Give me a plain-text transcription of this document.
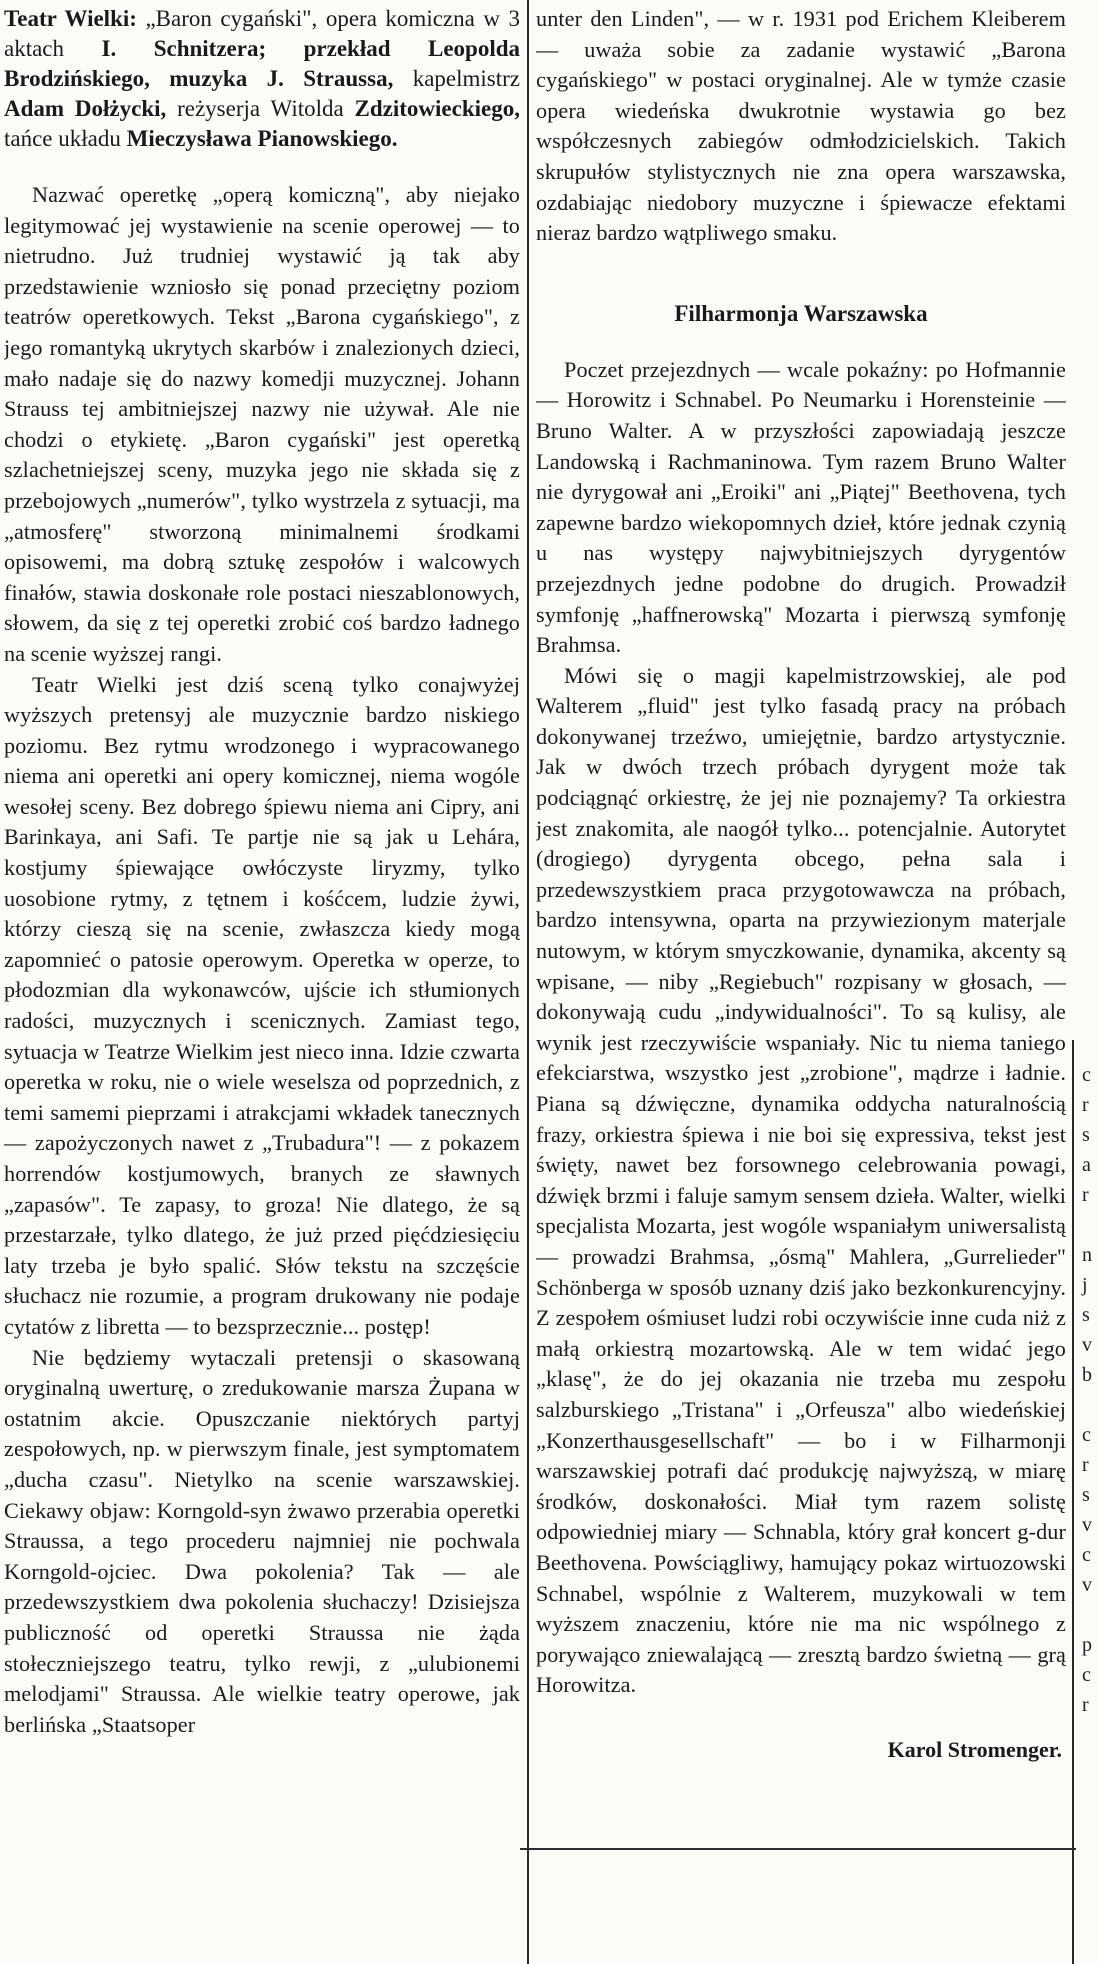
Teatr Wielki: „Baron cygański", opera komiczna w 3 aktach I. Schnitzera; przekład Leopolda Brodzińskiego, muzyka J. Straussa, kapelmistrz Adam Dołżycki, reżyserja Witolda Zdzitowieckiego, tańce układu Mieczysława Pianowskiego.

Nazwać operetkę „operą komiczną", aby niejako legitymować jej wystawienie na scenie operowej — to nietrudno. Już trudniej wystawić ją tak aby przedstawienie wzniosło się ponad przeciętny poziom teatrów operetkowych. Tekst „Barona cygańskiego", z jego romantyką ukrytych skarbów i znalezionych dzieci, mało nadaje się do nazwy komedji muzycznej. Johann Strauss tej ambitniejszej nazwy nie używał. Ale nie chodzi o etykietę. „Baron cygański" jest operetką szlachetniejszej sceny, muzyka jego nie składa się z przebojowych „numerów", tylko wystrzela z sytuacji, ma „atmosferę" stworzoną minimalnemi środkami opisowemi, ma dobrą sztukę zespołów i walcowych finałów, stawia doskonałe role postaci nieszablonowych, słowem, da się z tej operetki zrobić coś bardzo ładnego na scenie wyższej rangi.

Teatr Wielki jest dziś sceną tylko conajwyżej wyższych pretensyj ale muzycznie bardzo niskiego poziomu. Bez rytmu wrodzonego i wypracowanego niema ani operetki ani opery komicznej, niema wogóle wesołej sceny. Bez dobrego śpiewu niema ani Cipry, ani Barinkaya, ani Safi. Te partje nie są jak u Lehára, kostjumy śpiewające owłóczyste liryzmy, tylko uosobione rytmy, z tętnem i kośćcem, ludzie żywi, którzy cieszą się na scenie, zwłaszcza kiedy mogą zapomnieć o patosie operowym. Operetka w operze, to płodozmian dla wykonawców, ujście ich stłumionych radości, muzycznych i scenicznych. Zamiast tego, sytuacja w Teatrze Wielkim jest nieco inna. Idzie czwarta operetka w roku, nie o wiele weselsza od poprzednich, z temi samemi pieprzami i atrakcjami wkładek tanecznych — zapożyczonych nawet z „Trubadura"! — z pokazem horrendów kostjumowych, branych ze sławnych „zapasów". Te zapasy, to groza! Nie dlatego, że są przestarzałe, tylko dlatego, że już przed pięćdziesięciu laty trzeba je było spalić. Słów tekstu na szczęście słuchacz nie rozumie, a program drukowany nie podaje cytatów z libretta — to bezsprzecznie... postęp!

Nie będziemy wytaczali pretensji o skasowaną oryginalną uwerturę, o zredukowanie marsza Żupana w ostatnim akcie. Opuszczanie niektórych partyj zespołowych, np. w pierwszym finale, jest symptomatem „ducha czasu". Nietylko na scenie warszawskiej. Ciekawy objaw: Korngold-syn żwawo przerabia operetki Straussa, a tego procederu najmniej nie pochwala Korngold-ojciec. Dwa pokolenia? Tak — ale przedewszystkiem dwa pokolenia słuchaczy! Dzisiejsza publiczność od operetki Straussa nie żąda stołeczniejszego teatru, tylko rewji, z „ulubionemi melodjami" Straussa. Ale wielkie teatry operowe, jak berlińska „Staatsoper

unter den Linden", — w r. 1931 pod Erichem Kleiberem — uważa sobie za zadanie wystawić „Barona cygańskiego" w postaci oryginalnej. Ale w tymże czasie opera wiedeńska dwukrotnie wystawia go bez współczesnych zabiegów odmłodzicielskich. Takich skrupułów stylistycznych nie zna opera warszawska, ozdabiając niedobory muzyczne i śpiewacze efektami nieraz bardzo wątpliwego smaku.

Filharmonja Warszawska

Poczet przejezdnych — wcale pokaźny: po Hofmannie — Horowitz i Schnabel. Po Neumarku i Horensteinie — Bruno Walter. A w przyszłości zapowiadają jeszcze Landowską i Rachmaninowa. Tym razem Bruno Walter nie dyrygował ani „Eroiki" ani „Piątej" Beethovena, tych zapewne bardzo wiekopomnych dzieł, które jednak czynią u nas występy najwybitniejszych dyrygentów przejezdnych jedne podobne do drugich. Prowadził symfonję „haffnerowską" Mozarta i pierwszą symfonję Brahmsa.

Mówi się o magji kapelmistrzowskiej, ale pod Walterem „fluid" jest tylko fasadą pracy na próbach dokonywanej trzeźwo, umiejętnie, bardzo artystycznie. Jak w dwóch trzech próbach dyrygent może tak podciągnąć orkiestrę, że jej nie poznajemy? Ta orkiestra jest znakomita, ale naogół tylko... potencjalnie. Autorytet (drogiego) dyrygenta obcego, pełna sala i przedewszystkiem praca przygotowawcza na próbach, bardzo intensywna, oparta na przywiezionym materjale nutowym, w którym smyczkowanie, dynamika, akcenty są wpisane, — niby „Regiebuch" rozpisany w głosach, — dokonywają cudu „indywidualności". To są kulisy, ale wynik jest rzeczywiście wspaniały. Nic tu niema taniego efekciarstwa, wszystko jest „zrobione", mądrze i ładnie. Piana są dźwięczne, dynamika oddycha naturalnością frazy, orkiestra śpiewa i nie boi się expressiva, tekst jest święty, nawet bez forsownego celebrowania powagi, dźwięk brzmi i faluje samym sensem dzieła. Walter, wielki specjalista Mozarta, jest wogóle wspaniałym uniwersalistą — prowadzi Brahmsa, „ósmą" Mahlera, „Gurrelieder" Schönberga w sposób uznany dziś jako bezkonkurencyjny. Z zespołem ośmiuset ludzi robi oczywiście inne cuda niż z małą orkiestrą mozartowską. Ale w tem widać jego „klasę", że do jej okazania nie trzeba mu zespołu salzburskiego „Tristana" i „Orfeusza" albo wiedeńskiej „Konzerthausgesellschaft" — bo i w Filharmonji warszawskiej potrafi dać produkcję najwyższą, w miarę środków, doskonałości. Miał tym razem solistę odpowiedniej miary — Schnabla, który grał koncert g-dur Beethovena. Powściągliwy, hamujący pokaz wirtuozowski Schnabel, wspólnie z Walterem, muzykowali w tem wyższem znaczeniu, które nie ma nic wspólnego z porywająco zniewalającą — zresztą bardzo świetną — grą Horowitza.

Karol Stromenger.
c
r
s
a
r

n
j
s
v
b

c
r
s
v
c
v

p
c
r
